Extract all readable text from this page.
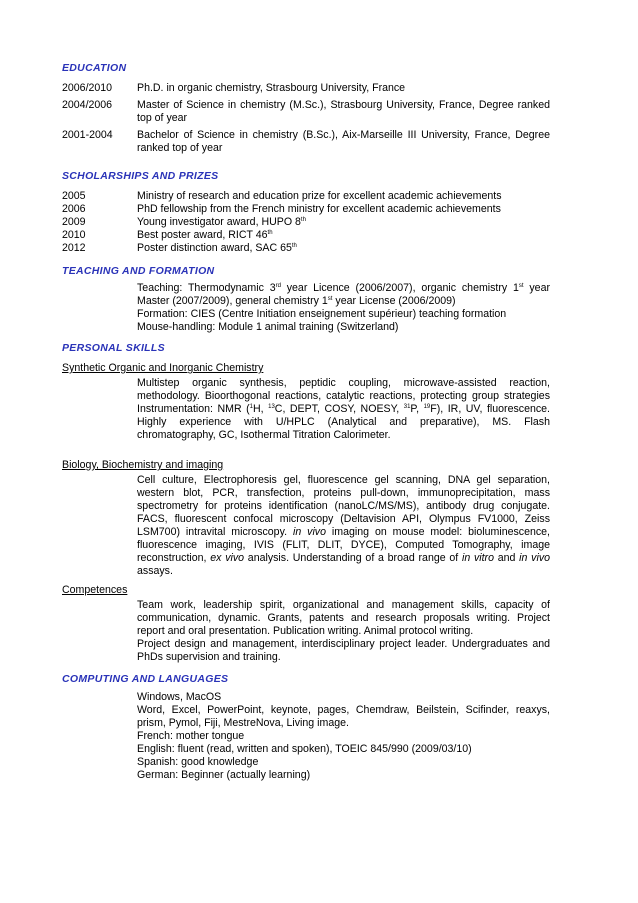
EDUCATION
2006/2010	Ph.D. in organic chemistry, Strasbourg University, France
2004/2006	Master of Science in chemistry (M.Sc.), Strasbourg University, France, Degree ranked
top of year
2001-2004	Bachelor of Science in chemistry (B.Sc.), Aix-Marseille III University, France, Degree
ranked top of year
SCHOLARSHIPS AND PRIZES
2005	Ministry of research and education prize for excellent academic achievements
2006	PhD fellowship from the French ministry for excellent academic achievements
2009	Young investigator award, HUPO 8th
2010	Best poster award, RICT 46th
2012	Poster distinction award, SAC 65th
TEACHING AND FORMATION
Teaching: Thermodynamic 3rd year Licence (2006/2007), organic chemistry 1st year
Master (2007/2009), general chemistry 1st year License (2006/2009)
Formation: CIES (Centre Initiation enseignement supérieur) teaching formation
Mouse-handling: Module 1 animal training (Switzerland)
PERSONAL SKILLS
Synthetic Organic and Inorganic Chemistry
Multistep organic synthesis, peptidic coupling, microwave-assisted reaction,
methodology. Bioorthogonal reactions, catalytic reactions, protecting group strategies
Instrumentation: NMR ($^1$H, $^{13}$C, DEPT, COSY, NOESY, $^{31}$P, $^{19}$F), IR, UV, fluorescence.
Highly experience with U/HPLC (Analytical and preparative), MS. Flash
chromatography, GC, Isothermal Titration Calorimeter.
Biology, Biochemistry and imaging
Cell culture, Electrophoresis gel, fluorescence gel scanning, DNA gel separation,
western blot, PCR, transfection, proteins pull-down, immunoprecipitation, mass
spectrometry for proteins identification (nanoLC/MS/MS), antibody drug conjugate.
FACS, fluorescent confocal microscopy (Deltavision API, Olympus FV1000, Zeiss
LSM700) intravital microscopy. in vivo imaging on mouse model: bioluminescence,
fluorescence imaging, IVIS (FLIT, DLIT, DYCE), Computed Tomography, image
reconstruction, ex vivo analysis. Understanding of a broad range of in vitro and in vivo
assays.
Competences
Team work, leadership spirit, organizational and management skills, capacity of
communication, dynamic. Grants, patents and research proposals writing. Project
report and oral presentation. Publication writing. Animal protocol writing.
Project design and management, interdisciplinary project leader. Undergraduates and
PhDs supervision and training.
COMPUTING AND LANGUAGES
Windows, MacOS
Word, Excel, PowerPoint, keynote, pages, Chemdraw, Beilstein, Scifinder, reaxys,
prism, Pymol, Fiji, MestreNova, Living image.
French: mother tongue
English: fluent (read, written and spoken), TOEIC 845/990 (2009/03/10)
Spanish: good knowledge
German: Beginner (actually learning)
